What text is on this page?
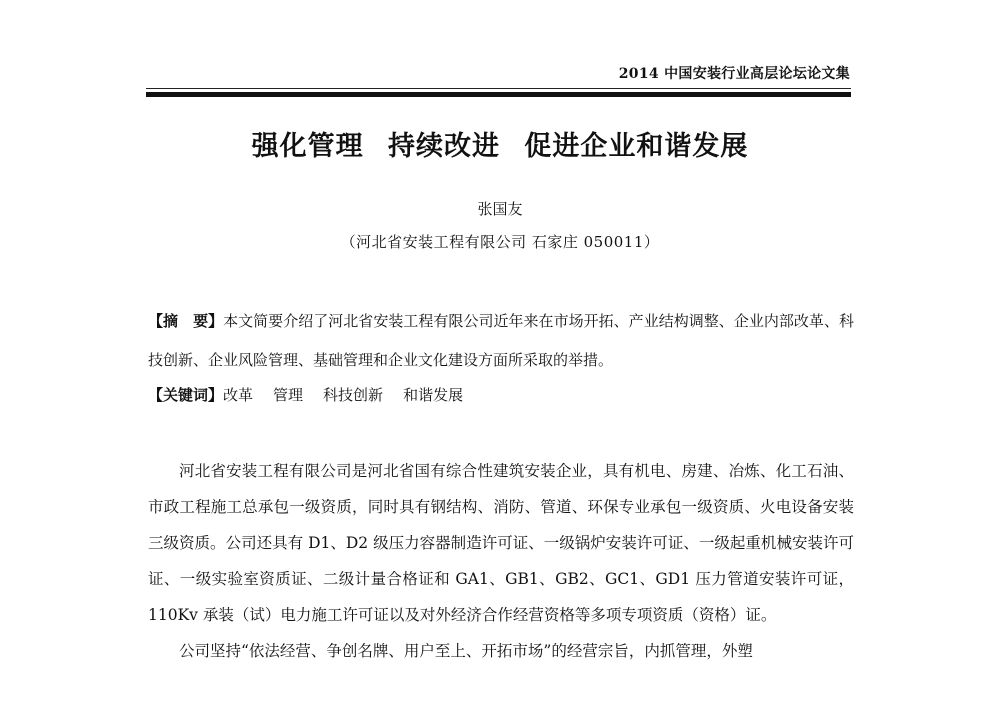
2014 中国安装行业高层论坛论文集
强化管理 持续改进 促进企业和谐发展
张国友
（河北省安装工程有限公司 石家庄 050011）
【摘　要】本文简要介绍了河北省安装工程有限公司近年来在市场开拓、产业结构调整、企业内部改革、科技创新、企业风险管理、基础管理和企业文化建设方面所采取的举措。
【关键词】改革 管理 科技创新 和谐发展

河北省安装工程有限公司是河北省国有综合性建筑安装企业，具有机电、房建、冶炼、化工石油、市政工程施工总承包一级资质，同时具有钢结构、消防、管道、环保专业承包一级资质、火电设备安装三级资质。公司还具有 D1、D2 级压力容器制造许可证、一级锅炉安装许可证、一级起重机械安装许可证、一级实验室资质证、二级计量合格证和 GA1、GB1、GB2、GC1、GD1 压力管道安装许可证，110Kv 承装（试）电力施工许可证以及对外经济合作经营资格等多项专项资质（资格）证。

公司坚持“依法经营、争创名牌、用户至上、开拓市场”的经营宗旨，内抓管理，外塑
